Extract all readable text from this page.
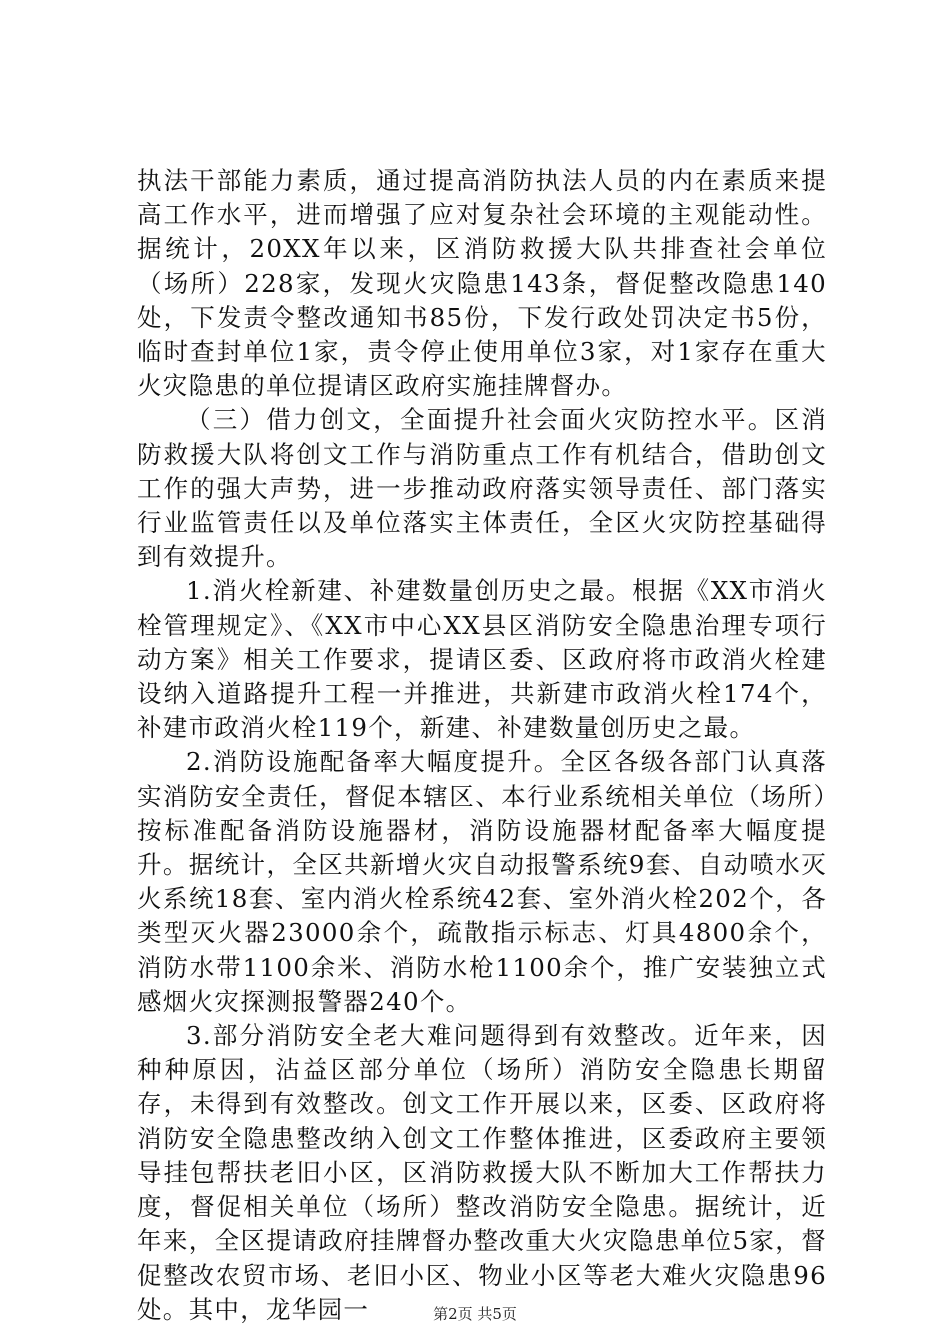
执法干部能力素质，通过提高消防执法人员的内在素质来提高工作水平，进而增强了应对复杂社会环境的主观能动性。据统计，20XX年以来，区消防救援大队共排查社会单位（场所）228家，发现火灾隐患143条，督促整改隐患140处，下发责令整改通知书85份，下发行政处罚决定书5份，临时查封单位1家，责令停止使用单位3家，对1家存在重大火灾隐患的单位提请区政府实施挂牌督办。

（三）借力创文，全面提升社会面火灾防控水平。区消防救援大队将创文工作与消防重点工作有机结合，借助创文工作的强大声势，进一步推动政府落实领导责任、部门落实行业监管责任以及单位落实主体责任，全区火灾防控基础得到有效提升。

1.消火栓新建、补建数量创历史之最。根据《XX市消火栓管理规定》、《XX市中心XX县区消防安全隐患治理专项行动方案》相关工作要求，提请区委、区政府将市政消火栓建设纳入道路提升工程一并推进，共新建市政消火栓174个，补建市政消火栓119个，新建、补建数量创历史之最。

2.消防设施配备率大幅度提升。全区各级各部门认真落实消防安全责任，督促本辖区、本行业系统相关单位（场所）按标准配备消防设施器材，消防设施器材配备率大幅度提升。据统计，全区共新增火灾自动报警系统9套、自动喷水灭火系统18套、室内消火栓系统42套、室外消火栓202个，各类型灭火器23000余个，疏散指示标志、灯具4800余个，消防水带1100余米、消防水枪1100余个，推广安装独立式感烟火灾探测报警器240个。

3.部分消防安全老大难问题得到有效整改。近年来，因种种原因，沾益区部分单位（场所）消防安全隐患长期留存，未得到有效整改。创文工作开展以来，区委、区政府将消防安全隐患整改纳入创文工作整体推进，区委政府主要领导挂包帮扶老旧小区，区消防救援大队不断加大工作帮扶力度，督促相关单位（场所）整改消防安全隐患。据统计，近年来，全区提请政府挂牌督办整改重大火灾隐患单位5家，督促整改农贸市场、老旧小区、物业小区等老大难火灾隐患96处。其中，龙华园一	第2页 共5页
